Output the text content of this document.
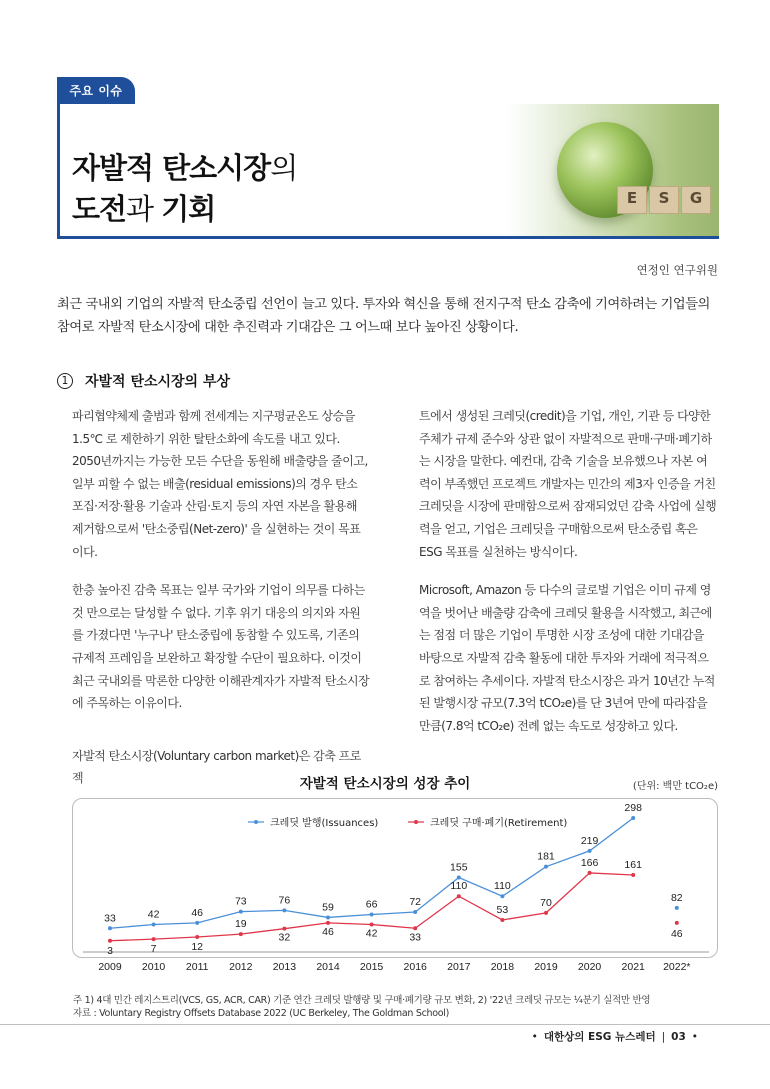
주요 이슈
자발적 탄소시장의
도전과 기회	E	S	G
연정인 연구위원

최근 국내외 기업의 자발적 탄소중립 선언이 늘고 있다. 투자와 혁신을 통해 전지구적 탄소 감축에 기여하려는 기업들의 참여로 자발적 탄소시장에 대한 추진력과 기대감은 그 어느때 보다 높아진 상황이다.

1	자발적 탄소시장의 부상

파리협약체제 출범과 함께 전세계는 지구평균온도 상승을 1.5℃ 로 제한하기 위한 탈탄소화에 속도를 내고 있다. 2050년까지는 가능한 모든 수단을 동원해 배출량을 줄이고, 일부 피할 수 없는 배출(residual emissions)의 경우 탄소 포집·저장·활용 기술과 산림·토지 등의 자연 자본을 활용해 제거함으로써 '탄소중립(Net-zero)' 을 실현하는 것이 목표이다.

한층 높아진 감축 목표는 일부 국가와 기업이 의무를 다하는 것 만으로는 달성할 수 없다. 기후 위기 대응의 의지와 자원를 가졌다면 '누구나' 탄소중립에 동참할 수 있도록, 기존의 규제적 프레임을 보완하고 확장할 수단이 필요하다. 이것이 최근 국내외를 막론한 다양한 이해관계자가 자발적 탄소시장에 주목하는 이유이다.

자발적 탄소시장(Voluntary carbon market)은 감축 프로젝

트에서 생성된 크레딧(credit)을 기업, 개인, 기관 등 다양한 주체가 규제 준수와 상관 없이 자발적으로 판매·구매·폐기하는 시장을 말한다. 예컨대, 감축 기술을 보유했으나 자본 여력이 부족했던 프로젝트 개발자는 민간의 제3자 인증을 거친 크레딧을 시장에 판매함으로써 잠재되었던 감축 사업에 실행력을 얻고, 기업은 크레딧을 구매함으로써 탄소중립 혹은 ESG 목표를 실천하는 방식이다.

Microsoft, Amazon 등 다수의 글로벌 기업은 이미 규제 영역을 벗어난 배출량 감축에 크레딧 활용을 시작했고, 최근에는 점점 더 많은 기업이 투명한 시장 조성에 대한 기대감을 바탕으로 자발적 감축 활동에 대한 투자와 거래에 적극적으로 참여하는 추세이다. 자발적 탄소시장은 과거 10년간 누적된 발행시장 규모(7.3억 tCO₂e)를 단 3년여 만에 따라잡을 만큼(7.8억 tCO₂e) 전례 없는 속도로 성장하고 있다.

자발적 탄소시장의 성장 추이	(단위: 백만 tCO₂e)
2009 2010 2011 2012 2013 2014 2015 2016 2017 2018 2019 2020 2021 2022*
크레딧 발행(Issuances)	크레딧 구매·폐기(Retirement)
33	42	46
73	76
59	66	72
155
110
181
219
298
82
3	7	12
19
32	46	42	33
110
53
70
166 161
46

주 1) 4대 민간 레지스트리(VCS, GS, ACR, CAR) 기준 연간 크레딧 발행량 및 구매·폐기량 규모 변화, 2) '22년 크레딧 규모는 ¼분기 실적만 반영

자료 : Voluntary Registry Offsets Database 2022 (UC Berkeley, The Goldman School)

• 대한상의 ESG 뉴스레터 | 03 •
